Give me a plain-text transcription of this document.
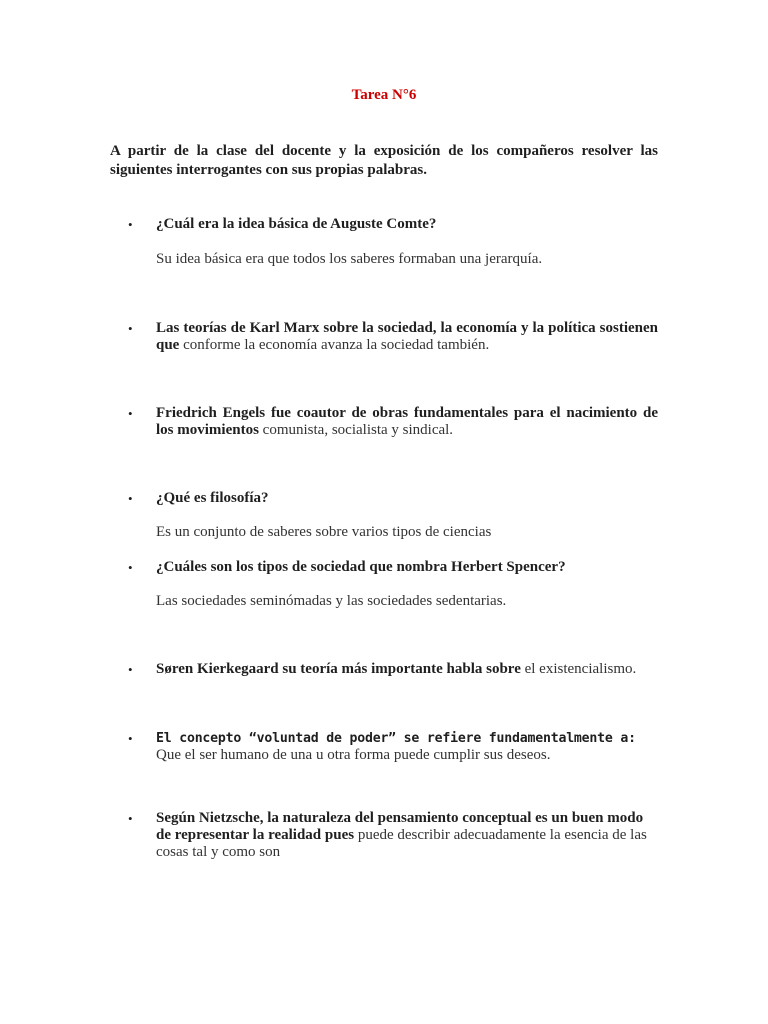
Tarea N°6
A partir de la clase del docente y la exposición de los compañeros resolver las siguientes interrogantes con sus propias palabras.
•	¿Cuál era la idea básica de Auguste Comte?
Su idea básica era que todos los saberes formaban una jerarquía.
•	Las teorías de Karl Marx sobre la sociedad, la economía y la política sostienen que conforme la economía avanza la sociedad también.
•	Friedrich Engels fue coautor de obras fundamentales para el nacimiento de los movimientos comunista, socialista y sindical.
•	¿Qué es filosofía?
Es un conjunto de saberes sobre varios tipos de ciencias
•	¿Cuáles son los tipos de sociedad que nombra Herbert Spencer?
Las sociedades seminómadas y las sociedades sedentarias.
•	Søren Kierkegaard su teoría más importante habla sobre el existencialismo.
•	El concepto “voluntad de poder” se refiere fundamentalmente a: Que el ser humano de una u otra forma puede cumplir sus deseos.
•	Según Nietzsche, la naturaleza del pensamiento conceptual es un buen modo de representar la realidad pues puede describir adecuadamente la esencia de las cosas tal y como son
